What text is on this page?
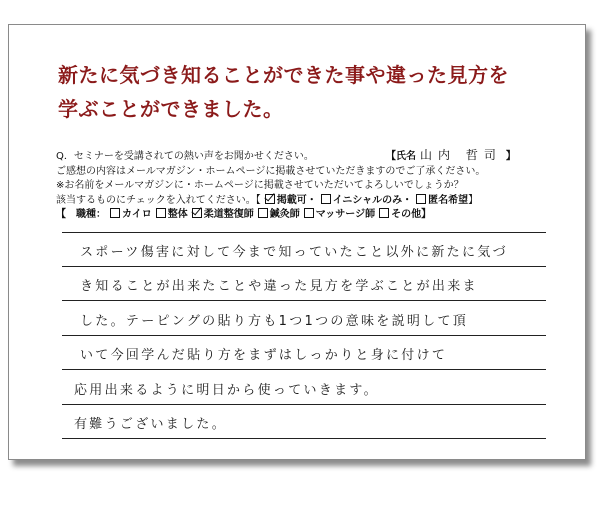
新たに気づき知ることができた事や違った見方を
学ぶことができました。
Q．セミナーを受講されての熱い声をお聞かせください。	【氏名 山内 哲司 】
ご感想の内容はメールマガジン・ホームページに掲載させていただきますのでご了承ください。
※お名前をメールマガジンに・ホームページに掲載させていただいてよろしいでしょうか？
該当するものにチェックを入れてください。【 掲載可・ イニシャルのみ・ 匿名希望】
【　職種： カイロ 整体 柔道整復師 鍼灸師 マッサージ師 その他】
スポーツ傷害に対して今まで知っていたこと以外に新たに気づ
き知ることが出来たことや違った見方を学ぶことが出来ま
した。テーピングの貼り方も1つ1つの意味を説明して頂
いて今回学んだ貼り方をまずはしっかりと身に付けて
応用出来るように明日から使っていきます。
有難うございました。
